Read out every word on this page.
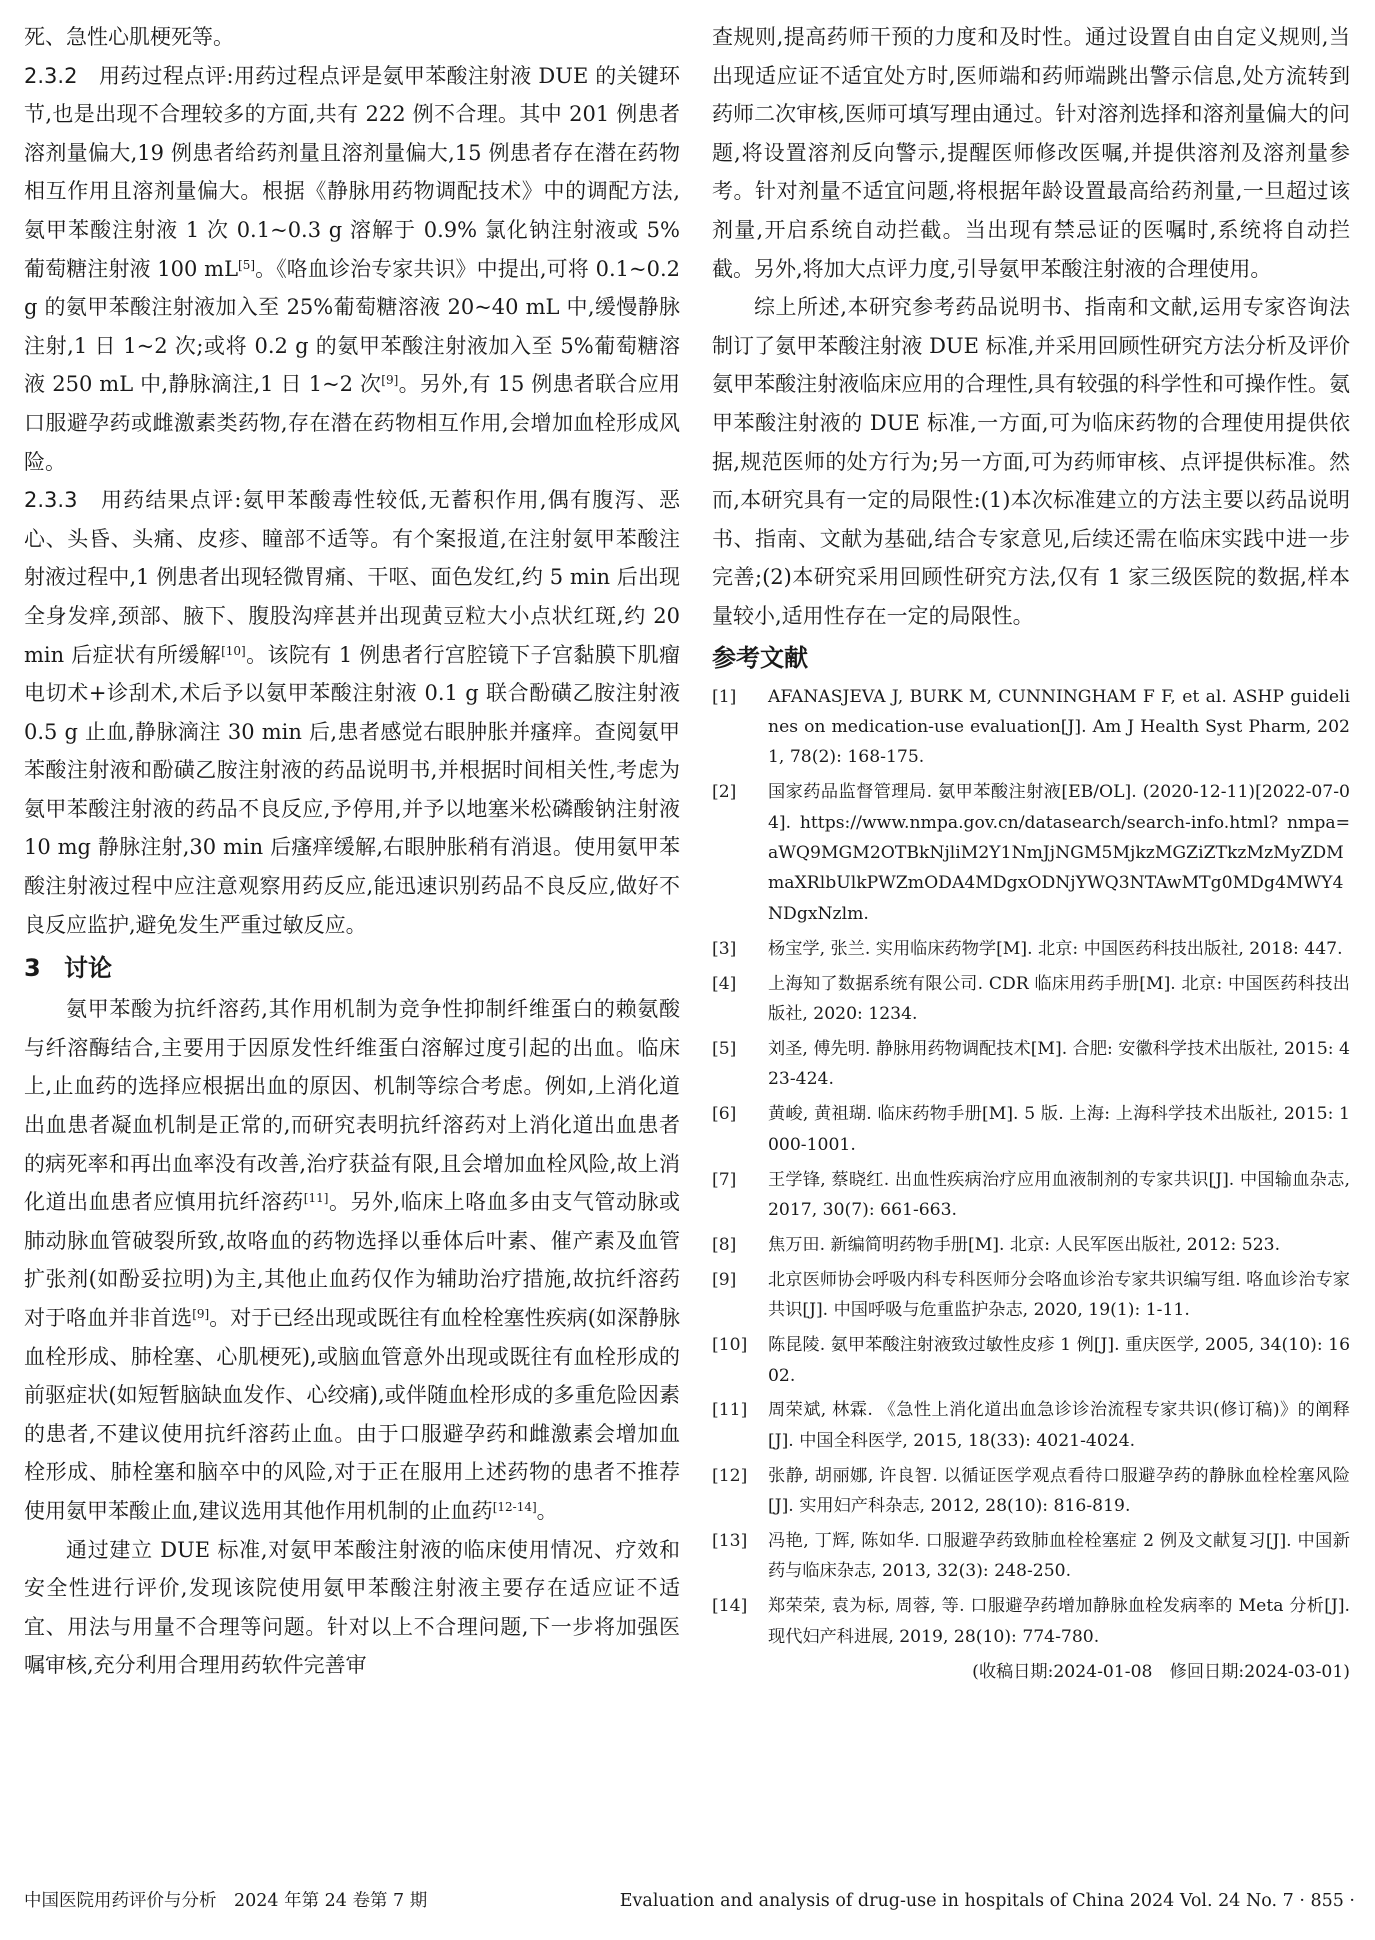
死、急性心肌梗死等。

2.3.2　 用药过程点评:用药过程点评是氨甲苯酸注射液 DUE 的关键环节,也是出现不合理较多的方面,共有 222 例不合理。其中 201 例患者溶剂量偏大,19 例患者给药剂量且溶剂量偏大,15 例患者存在潜在药物相互作用且溶剂量偏大。根据《静脉用药物调配技术》中的调配方法,氨甲苯酸注射液 1 次 0.1~0.3 g 溶解于 0.9% 氯化钠注射液或 5% 葡萄糖注射液 100 mL[5]。《咯血诊治专家共识》中提出,可将 0.1~0.2 g 的氨甲苯酸注射液加入至 25%葡萄糖溶液 20~40 mL 中,缓慢静脉注射,1 日 1~2 次;或将 0.2 g 的氨甲苯酸注射液加入至 5%葡萄糖溶液 250 mL 中,静脉滴注,1 日 1~2 次[9]。另外,有 15 例患者联合应用口服避孕药或雌激素类药物,存在潜在药物相互作用,会增加血栓形成风险。

2.3.3　 用药结果点评:氨甲苯酸毒性较低,无蓄积作用,偶有腹泻、恶心、头昏、头痛、皮疹、瞳部不适等。有个案报道,在注射氨甲苯酸注射液过程中,1 例患者出现轻微胃痛、干呕、面色发红,约 5 min 后出现全身发痒,颈部、腋下、腹股沟痒甚并出现黄豆粒大小点状红斑,约 20 min 后症状有所缓解[10]。该院有 1 例患者行宫腔镜下子宫黏膜下肌瘤电切术+诊刮术,术后予以氨甲苯酸注射液 0.1 g 联合酚磺乙胺注射液 0.5 g 止血,静脉滴注 30 min 后,患者感觉右眼肿胀并瘙痒。查阅氨甲苯酸注射液和酚磺乙胺注射液的药品说明书,并根据时间相关性,考虑为氨甲苯酸注射液的药品不良反应,予停用,并予以地塞米松磷酸钠注射液 10 mg 静脉注射,30 min 后瘙痒缓解,右眼肿胀稍有消退。使用氨甲苯酸注射液过程中应注意观察用药反应,能迅速识别药品不良反应,做好不良反应监护,避免发生严重过敏反应。

3 讨论

氨甲苯酸为抗纤溶药,其作用机制为竞争性抑制纤维蛋白的赖氨酸与纤溶酶结合,主要用于因原发性纤维蛋白溶解过度引起的出血。临床上,止血药的选择应根据出血的原因、机制等综合考虑。例如,上消化道出血患者凝血机制是正常的,而研究表明抗纤溶药对上消化道出血患者的病死率和再出血率没有改善,治疗获益有限,且会增加血栓风险,故上消化道出血患者应慎用抗纤溶药[11]。另外,临床上咯血多由支气管动脉或肺动脉血管破裂所致,故咯血的药物选择以垂体后叶素、催产素及血管扩张剂(如酚妥拉明)为主,其他止血药仅作为辅助治疗措施,故抗纤溶药对于咯血并非首选[9]。对于已经出现或既往有血栓栓塞性疾病(如深静脉血栓形成、肺栓塞、心肌梗死),或脑血管意外出现或既往有血栓形成的前驱症状(如短暂脑缺血发作、心绞痛),或伴随血栓形成的多重危险因素的患者,不建议使用抗纤溶药止血。由于口服避孕药和雌激素会增加血栓形成、肺栓塞和脑卒中的风险,对于正在服用上述药物的患者不推荐使用氨甲苯酸止血,建议选用其他作用机制的止血药[12-14]。

通过建立 DUE 标准,对氨甲苯酸注射液的临床使用情况、疗效和安全性进行评价,发现该院使用氨甲苯酸注射液主要存在适应证不适宜、用法与用量不合理等问题。针对以上不合理问题,下一步将加强医嘱审核,充分利用合理用药软件完善审

查规则,提高药师干预的力度和及时性。通过设置自由自定义规则,当出现适应证不适宜处方时,医师端和药师端跳出警示信息,处方流转到药师二次审核,医师可填写理由通过。针对溶剂选择和溶剂量偏大的问题,将设置溶剂反向警示,提醒医师修改医嘱,并提供溶剂及溶剂量参考。针对剂量不适宜问题,将根据年龄设置最高给药剂量,一旦超过该剂量,开启系统自动拦截。当出现有禁忌证的医嘱时,系统将自动拦截。另外,将加大点评力度,引导氨甲苯酸注射液的合理使用。

综上所述,本研究参考药品说明书、指南和文献,运用专家咨询法制订了氨甲苯酸注射液 DUE 标准,并采用回顾性研究方法分析及评价氨甲苯酸注射液临床应用的合理性,具有较强的科学性和可操作性。氨甲苯酸注射液的 DUE 标准,一方面,可为临床药物的合理使用提供依据,规范医师的处方行为;另一方面,可为药师审核、点评提供标准。然而,本研究具有一定的局限性:(1)本次标准建立的方法主要以药品说明书、指南、文献为基础,结合专家意见,后续还需在临床实践中进一步完善;(2)本研究采用回顾性研究方法,仅有 1 家三级医院的数据,样本量较小,适用性存在一定的局限性。

参考文献
[1]	AFANASJEVA J, BURK M, CUNNINGHAM F F, et al. ASHP guidelines on medication-use evaluation[J]. Am J Health Syst Pharm, 2021, 78(2): 168-175.
[2]	国家药品监督管理局. 氨甲苯酸注射液[EB/OL]. (2020-12-11)[2022-07-04]. https://www.nmpa.gov.cn/datasearch/search-info.html? nmpa=aWQ9MGM2OTBkNjliM2Y1NmJjNGM5MjkzMGZiZTkzMzMyZDMmaXRlbUlkPWZmODA4MDgxODNjYWQ3NTAwMTg0MDg4MWY4NDgxNzlm.
[3]	杨宝学, 张兰. 实用临床药物学[M]. 北京: 中国医药科技出版社, 2018: 447.
[4]	上海知了数据系统有限公司. CDR 临床用药手册[M]. 北京: 中国医药科技出版社, 2020: 1234.
[5]	刘圣, 傅先明. 静脉用药物调配技术[M]. 合肥: 安徽科学技术出版社, 2015: 423-424.
[6]	黄峻, 黄祖瑚. 临床药物手册[M]. 5 版. 上海: 上海科学技术出版社, 2015: 1000-1001.
[7]	王学锋, 蔡晓红. 出血性疾病治疗应用血液制剂的专家共识[J]. 中国输血杂志, 2017, 30(7): 661-663.
[8]	焦万田. 新编简明药物手册[M]. 北京: 人民军医出版社, 2012: 523.
[9]	北京医师协会呼吸内科专科医师分会咯血诊治专家共识编写组. 咯血诊治专家共识[J]. 中国呼吸与危重监护杂志, 2020, 19(1): 1-11.
[10]	陈昆陵. 氨甲苯酸注射液致过敏性皮疹 1 例[J]. 重庆医学, 2005, 34(10): 1602.
[11]	周荣斌, 林霖. 《急性上消化道出血急诊诊治流程专家共识(修订稿)》的阐释[J]. 中国全科医学, 2015, 18(33): 4021-4024.
[12]	张静, 胡丽娜, 许良智. 以循证医学观点看待口服避孕药的静脉血栓栓塞风险[J]. 实用妇产科杂志, 2012, 28(10): 816-819.
[13]	冯艳, 丁辉, 陈如华. 口服避孕药致肺血栓栓塞症 2 例及文献复习[J]. 中国新药与临床杂志, 2013, 32(3): 248-250.
[14]	郑荣荣, 袁为标, 周蓉, 等. 口服避孕药增加静脉血栓发病率的 Meta 分析[J]. 现代妇产科进展, 2019, 28(10): 774-780.
(收稿日期:2024-01-08　修回日期:2024-03-01)
中国医院用药评价与分析　2024 年第 24 卷第 7 期	Evaluation and analysis of drug-use in hospitals of China 2024 Vol. 24 No. 7 · 855 ·
